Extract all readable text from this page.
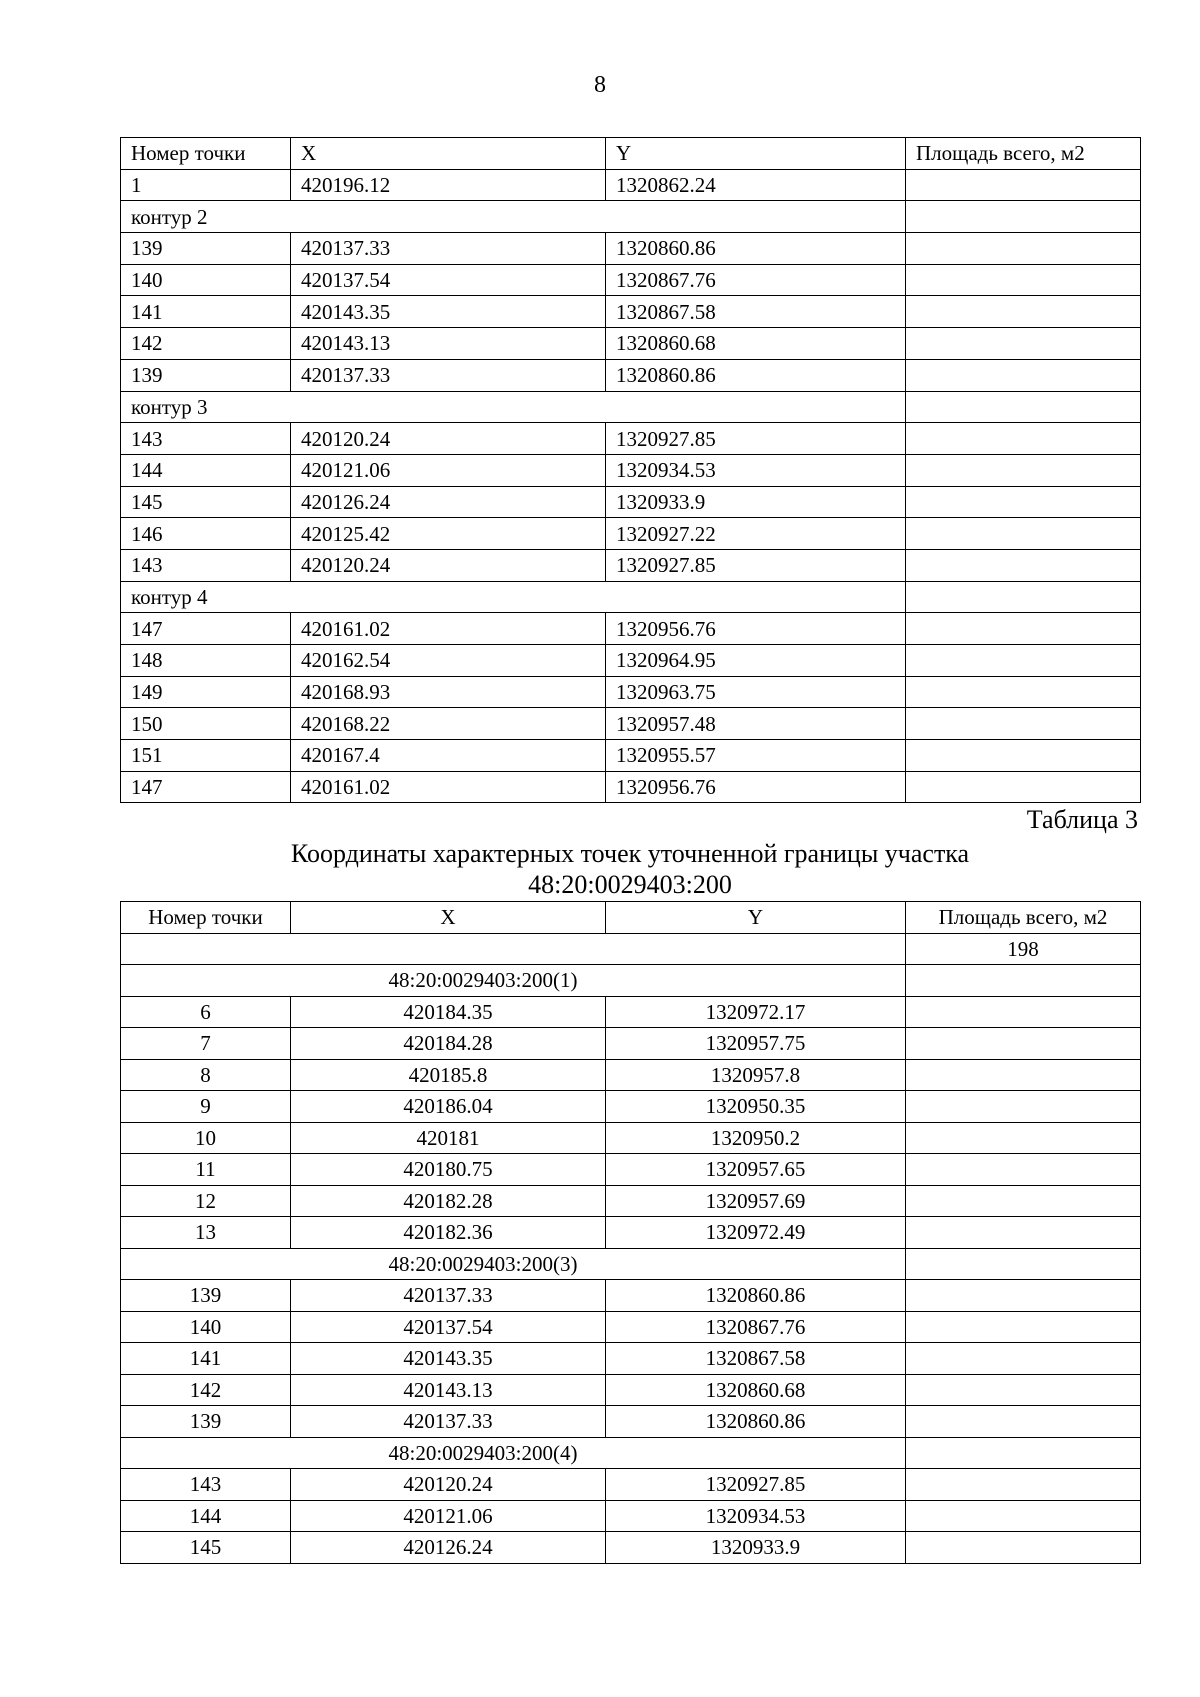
8
Номер точки	X	Y	Площадь всего, м2
1	420196.12	1320862.24	
контур 2			
139	420137.33	1320860.86	
140	420137.54	1320867.76	
141	420143.35	1320867.58	
142	420143.13	1320860.68	
139	420137.33	1320860.86	
контур 3			
143	420120.24	1320927.85	
144	420121.06	1320934.53	
145	420126.24	1320933.9	
146	420125.42	1320927.22	
143	420120.24	1320927.85	
контур 4			
147	420161.02	1320956.76	
148	420162.54	1320964.95	
149	420168.93	1320963.75	
150	420168.22	1320957.48	
151	420167.4	1320955.57	
147	420161.02	1320956.76	
Таблица 3
Координаты характерных точек уточненной границы участка
48:20:0029403:200
Номер точки	X	Y	Площадь всего, м2
			198
48:20:0029403:200(1)			
6	420184.35	1320972.17	
7	420184.28	1320957.75	
8	420185.8	1320957.8	
9	420186.04	1320950.35	
10	420181	1320950.2	
11	420180.75	1320957.65	
12	420182.28	1320957.69	
13	420182.36	1320972.49	
48:20:0029403:200(3)			
139	420137.33	1320860.86	
140	420137.54	1320867.76	
141	420143.35	1320867.58	
142	420143.13	1320860.68	
139	420137.33	1320860.86	
48:20:0029403:200(4)			
143	420120.24	1320927.85	
144	420121.06	1320934.53	
145	420126.24	1320933.9	
